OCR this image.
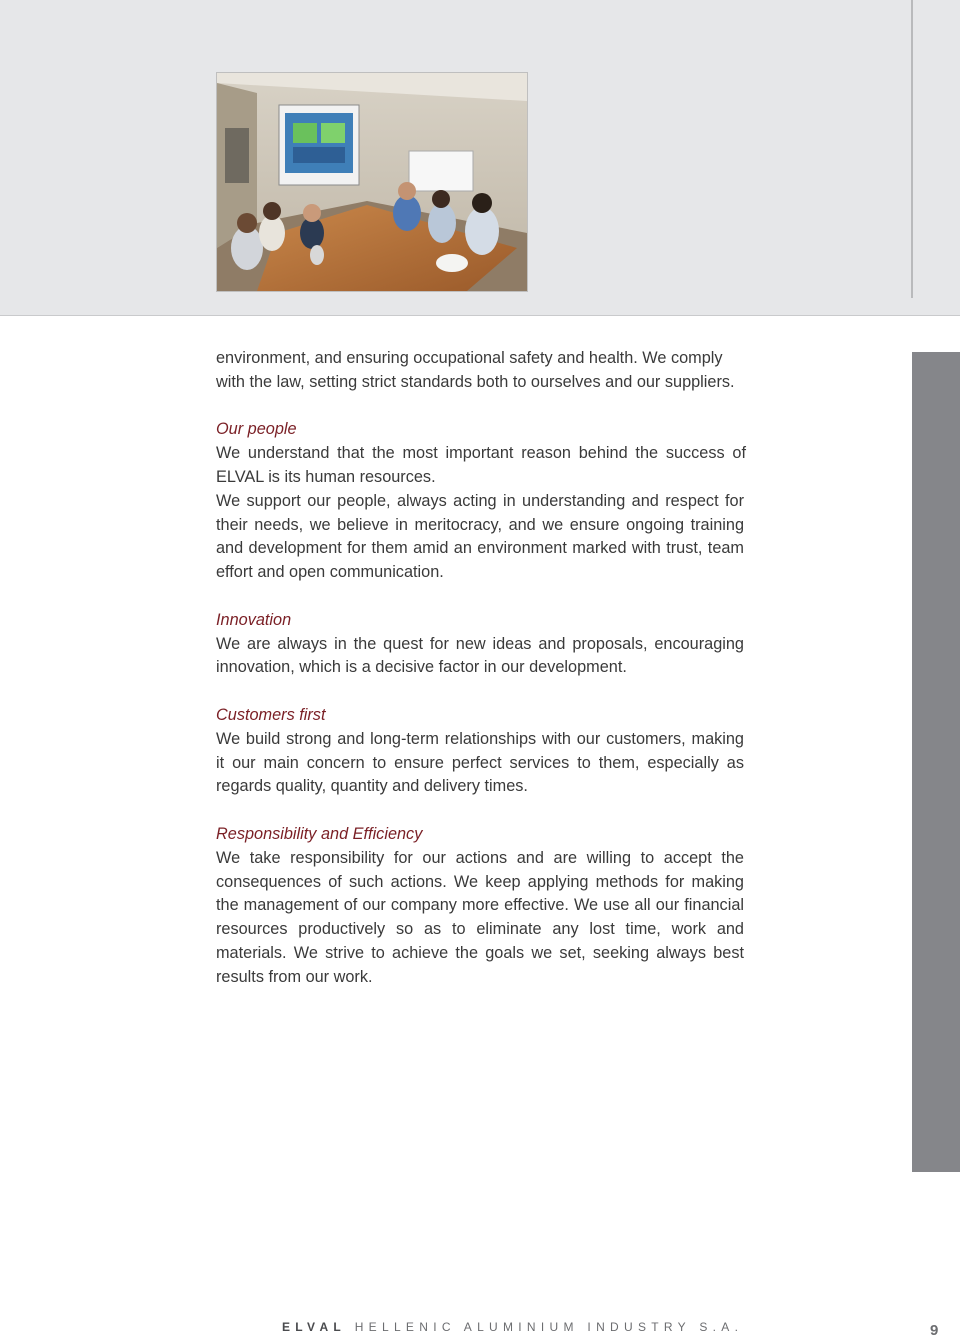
environment, and ensuring occupational safety and health. We comply

with the law, setting strict standards both to ourselves and our suppliers.

Our people

We understand that the most important reason behind the success of ELVAL is its human resources.

We support our people, always acting in understanding and respect for their needs, we believe in meritocracy, and we ensure ongoing training and development for them amid an environment marked with trust, team effort and open communication.

Innovation

We are always in the quest for new ideas and proposals, encouraging innovation, which is a decisive factor in our development.

Customers first

We build strong and long-term relationships with our customers, making it our main concern to ensure perfect services to them, especially as regards quality, quantity and delivery times.

Responsibility and Efficiency

We take responsibility for our actions and are willing to accept the consequences of such actions. We keep applying methods for making the management of our company more effective. We use all our financial resources productively so as to eliminate any lost time, work and materials. We strive to achieve the goals we set, seeking always best results from our work.

ELVAL HELLENIC ALUMINIUM INDUSTRY S.A.	9
